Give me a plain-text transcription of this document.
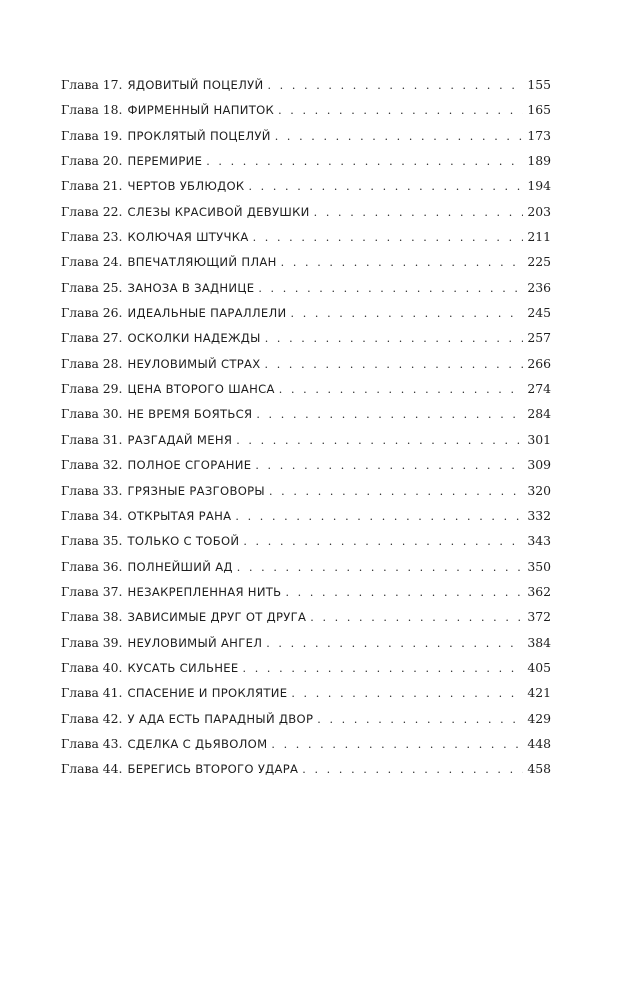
Глава 17. ЯДОВИТЫЙ ПОЦЕЛУЙ . . .	155
Глава 18. ФИРМЕННЫЙ НАПИТОК . . .	165
Глава 19. ПРОКЛЯТЫЙ ПОЦЕЛУЙ . . .	173
Глава 20. ПЕРЕМИРИЕ . . .	189
Глава 21. ЧЕРТОВ УБЛЮДОК . . .	194
Глава 22. СЛЕЗЫ КРАСИВОЙ ДЕВУШКИ . . .	203
Глава 23. КОЛЮЧАЯ ШТУЧКА . . .	211
Глава 24. ВПЕЧАТЛЯЮЩИЙ ПЛАН . . .	225
Глава 25. ЗАНОЗА В ЗАДНИЦЕ . . .	236
Глава 26. ИДЕАЛЬНЫЕ ПАРАЛЛЕЛИ . . .	245
Глава 27. ОСКОЛКИ НАДЕЖДЫ . . .	257
Глава 28. НЕУЛОВИМЫЙ СТРАХ . . .	266
Глава 29. ЦЕНА ВТОРОГО ШАНСА . . .	274
Глава 30. НЕ ВРЕМЯ БОЯТЬСЯ . . .	284
Глава 31. РАЗГАДАЙ МЕНЯ . . .	301
Глава 32. ПОЛНОЕ СГОРАНИЕ . . .	309
Глава 33. ГРЯЗНЫЕ РАЗГОВОРЫ . . .	320
Глава 34. ОТКРЫТАЯ РАНА . . .	332
Глава 35. ТОЛЬКО С ТОБОЙ . . .	343
Глава 36. ПОЛНЕЙШИЙ АД . . .	350
Глава 37. НЕЗАКРЕПЛЕННАЯ НИТЬ . . .	362
Глава 38. ЗАВИСИМЫЕ ДРУГ ОТ ДРУГА . . .	372
Глава 39. НЕУЛОВИМЫЙ АНГЕЛ . . .	384
Глава 40. КУСАТЬ СИЛЬНЕЕ . . .	405
Глава 41. СПАСЕНИЕ И ПРОКЛЯТИЕ . . .	421
Глава 42. У АДА ЕСТЬ ПАРАДНЫЙ ДВОР . . .	429
Глава 43. СДЕЛКА С ДЬЯВОЛОМ . . .	448
Глава 44. БЕРЕГИСЬ ВТОРОГО УДАРА . . .	458
